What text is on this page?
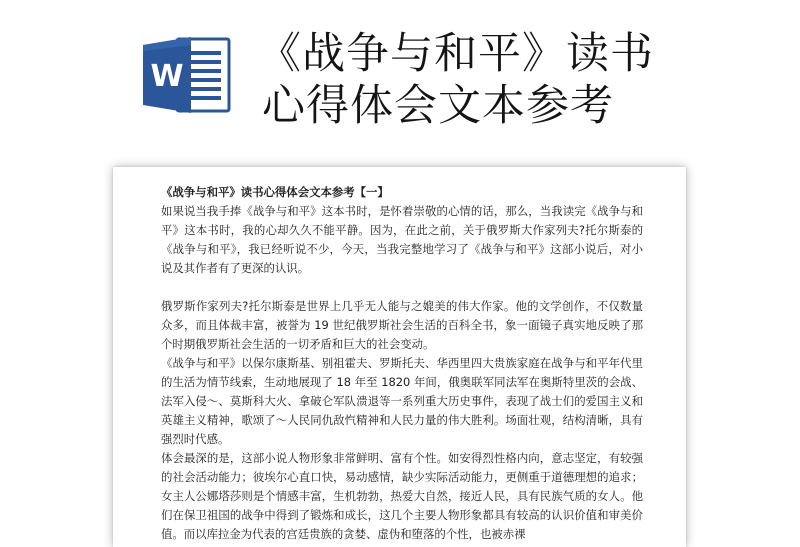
W 《战争与和平》读书
心得体会文本参考

《战争与和平》读书心得体会文本参考【一】

如果说当我手捧《战争与和平》这本书时，是怀着崇敬的心情的话，那么，当我读完《战争与和平》这本书时，我的心却久久不能平静。因为，在此之前，关于俄罗斯大作家列夫?托尔斯泰的《战争与和平》，我已经听说不少，今天，当我完整地学习了《战争与和平》这部小说后，对小说及其作者有了更深的认识。

俄罗斯作家列夫?托尔斯泰是世界上几乎无人能与之媲美的伟大作家。他的文学创作，不仅数量众多，而且体裁丰富，被誉为 19 世纪俄罗斯社会生活的百科全书，象一面镜子真实地反映了那个时期俄罗斯社会生活的一切矛盾和巨大的社会变动。

《战争与和平》以保尔康斯基、别祖霍夫、罗斯托夫、华西里四大贵族家庭在战争与和平年代里的生活为情节线索，生动地展现了 18 年至 1820 年间，俄奥联军同法军在奥斯特里茨的会战、法军入侵～、莫斯科大火、拿破仑军队溃退等一系列重大历史事件，表现了战士们的爱国主义和英雄主义精神，歌颂了～人民同仇敌忾精神和人民力量的伟大胜利。场面壮观，结构清晰，具有强烈时代感。

体会最深的是，这部小说人物形象非常鲜明、富有个性。如安得烈性格内向，意志坚定，有较强的社会活动能力；彼埃尔心直口快，易动感情，缺少实际活动能力，更侧重于道德理想的追求；女主人公娜塔莎则是个情感丰富，生机勃勃，热爱大自然，接近人民，具有民族气质的女人。他们在保卫祖国的战争中得到了锻炼和成长，这几个主要人物形象都具有较高的认识价值和审美价值。而以库拉金为代表的宫廷贵族的贪婪、虚伪和堕落的个性，也被赤裸
